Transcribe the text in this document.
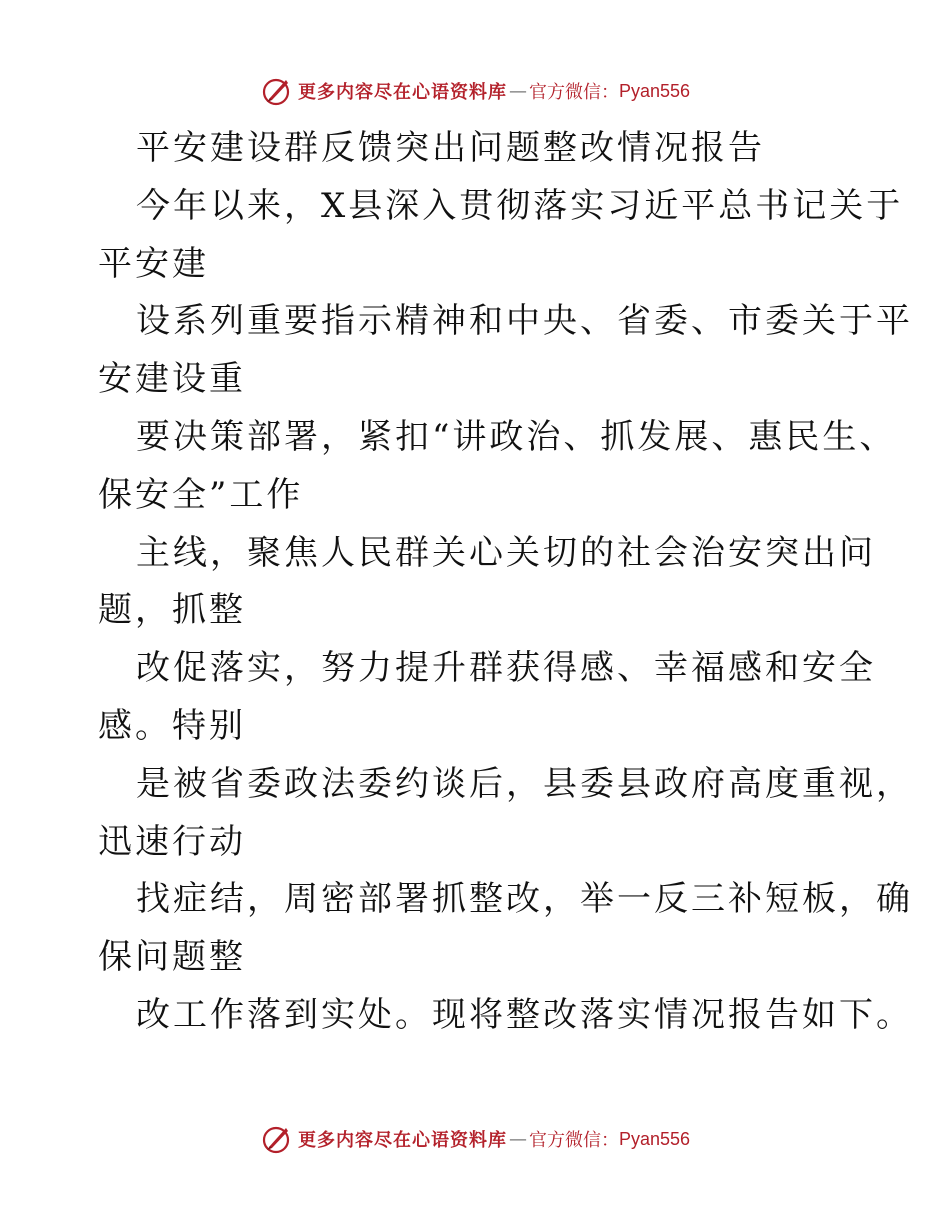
更多内容尽在心语资料库 — 官方微信： Pyan556
平安建设群反馈突出问题整改情况报告
今年以来，X县深入贯彻落实习近平总书记关于
平安建
设系列重要指示精神和中央、省委、市委关于平
安建设重
要决策部署，紧扣“讲政治、抓发展、惠民生、
保安全”工作
主线，聚焦人民群关心关切的社会治安突出问
题，抓整
改促落实，努力提升群获得感、幸福感和安全
感。特别
是被省委政法委约谈后，县委县政府高度重视，
迅速行动
找症结，周密部署抓整改，举一反三补短板，确
保问题整
改工作落到实处。现将整改落实情况报告如下。
更多内容尽在心语资料库 — 官方微信： Pyan556
